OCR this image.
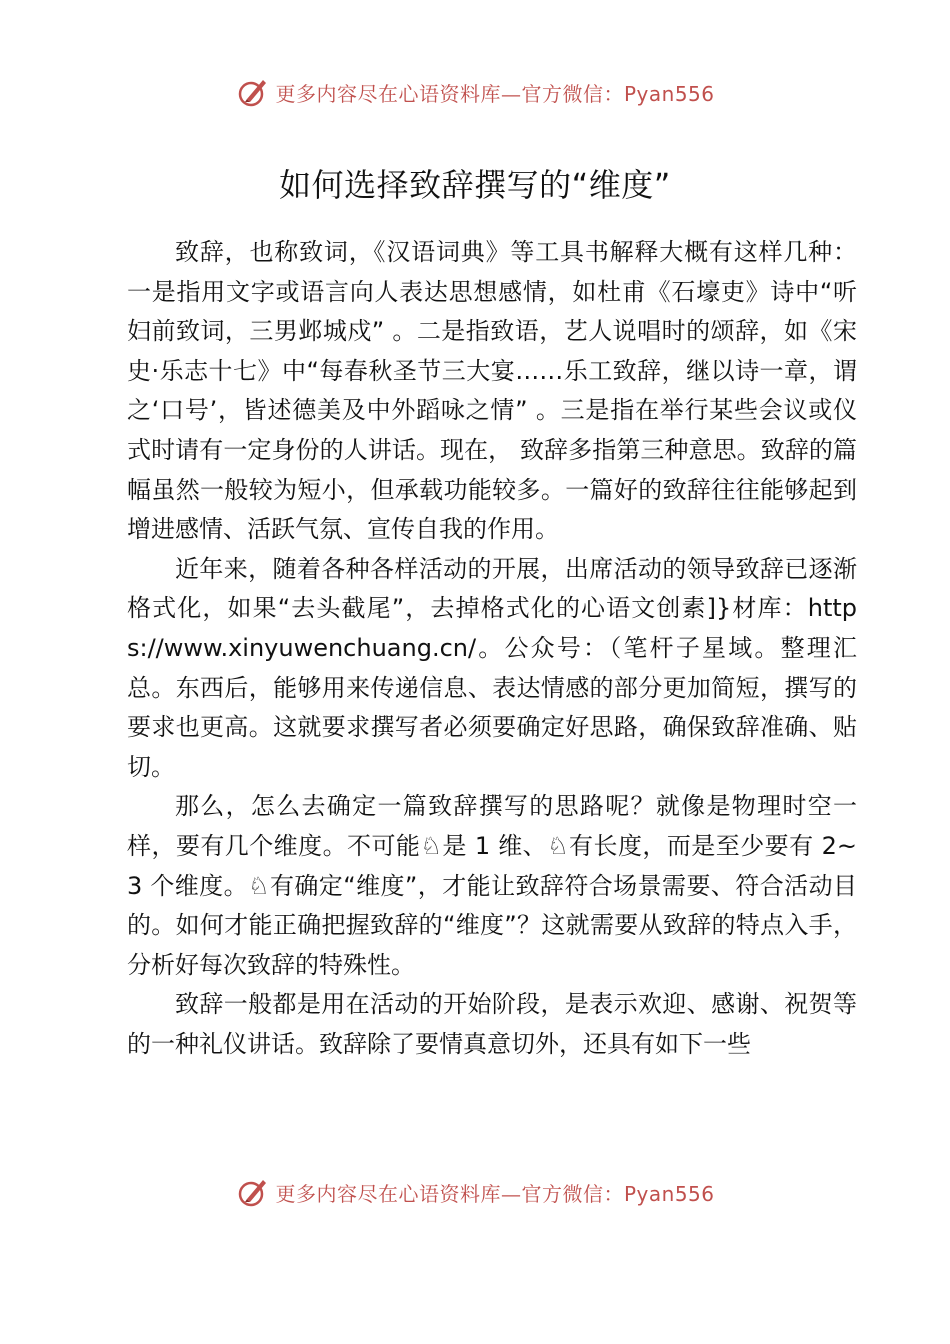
更多内容尽在心语资料库—官方微信：Pyan556
如何选择致辞撰写的“维度”

致辞，也称致词，《汉语词典》等工具书解释大概有这样几种：一是指用文字或语言向人表达思想感情，如杜甫《石壕吏》诗中“听妇前致词，三男邺城戍” 。二是指致语，艺人说唱时的颂辞，如《宋史·乐志十七》中“每春秋圣节三大宴……乐工致辞，继以诗一章，谓之‘口号’，皆述德美及中外蹈咏之情” 。三是指在举行某些会议或仪式时请有一定身份的人讲话。现在， 致辞多指第三种意思。致辞的篇幅虽然一般较为短小，但承载功能较多。一篇好的致辞往往能够起到增进感情、活跃气氛、宣传自我的作用。

近年来，随着各种各样活动的开展，出席活动的领导致辞已逐渐格式化，如果“去头截尾”，去掉格式化的心语文创素]}材库：https://www.xinyuwenchuang.cn/。公众号：（笔杆子星域。整理汇总。东西后，能够用来传递信息、表达情感的部分更加简短，撰写的要求也更高。这就要求撰写者必须要确定好思路，确保致辞准确、贴切。

那么，怎么去确定一篇致辞撰写的思路呢？就像是物理时空一样，要有几个维度。不可能♘是 1 维、♘有长度，而是至少要有 2~3 个维度。♘有确定“维度”，才能让致辞符合场景需要、符合活动目的。如何才能正确把握致辞的“维度”？这就需要从致辞的特点入手，分析好每次致辞的特殊性。

致辞一般都是用在活动的开始阶段，是表示欢迎、感谢、祝贺等的一种礼仪讲话。致辞除了要情真意切外，还具有如下一些

更多内容尽在心语资料库—官方微信：Pyan556
